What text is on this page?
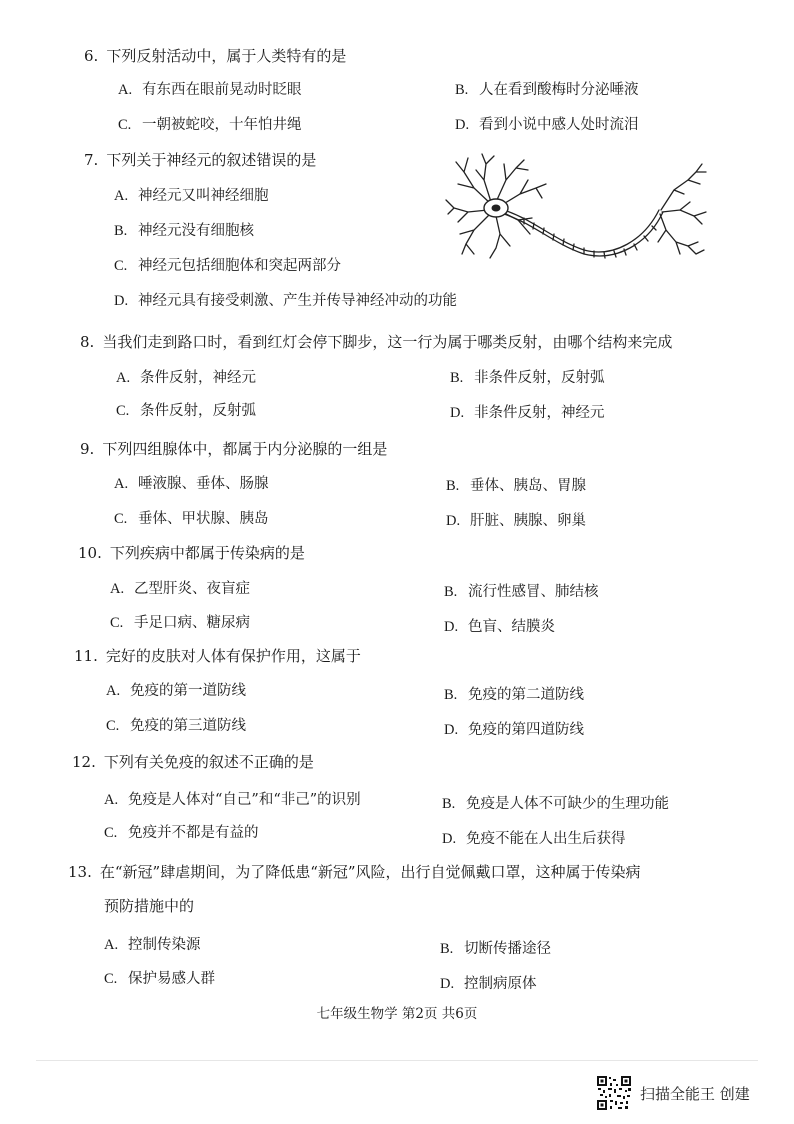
6. 下列反射活动中，属于人类特有的是
A. 有东西在眼前晃动时眨眼	B. 人在看到酸梅时分泌唾液
C. 一朝被蛇咬，十年怕井绳	D. 看到小说中感人处时流泪
7. 下列关于神经元的叙述错误的是
A. 神经元又叫神经细胞
B. 神经元没有细胞核
C. 神经元包括细胞体和突起两部分
D. 神经元具有接受刺激、产生并传导神经冲动的功能
8. 当我们走到路口时，看到红灯会停下脚步，这一行为属于哪类反射，由哪个结构来完成
A. 条件反射，神经元	B. 非条件反射，反射弧
C. 条件反射，反射弧	D. 非条件反射，神经元
9. 下列四组腺体中，都属于内分泌腺的一组是
A. 唾液腺、垂体、肠腺	B. 垂体、胰岛、胃腺
C. 垂体、甲状腺、胰岛	D. 肝脏、胰腺、卵巢
10. 下列疾病中都属于传染病的是
A. 乙型肝炎、夜盲症	B. 流行性感冒、肺结核
C. 手足口病、糖尿病	D. 色盲、结膜炎
11. 完好的皮肤对人体有保护作用，这属于
A. 免疫的第一道防线	B. 免疫的第二道防线
C. 免疫的第三道防线	D. 免疫的第四道防线
12. 下列有关免疫的叙述不正确的是
A. 免疫是人体对“自己”和“非己”的识别	B. 免疫是人体不可缺少的生理功能
C. 免疫并不都是有益的	D. 免疫不能在人出生后获得
13. 在“新冠”肆虐期间，为了降低患“新冠”风险，出行自觉佩戴口罩，这种属于传染病
预防措施中的
A. 控制传染源	B. 切断传播途径
C. 保护易感人群	D. 控制病原体
七年级生物学 第2页 共6页
扫描全能王 创建
